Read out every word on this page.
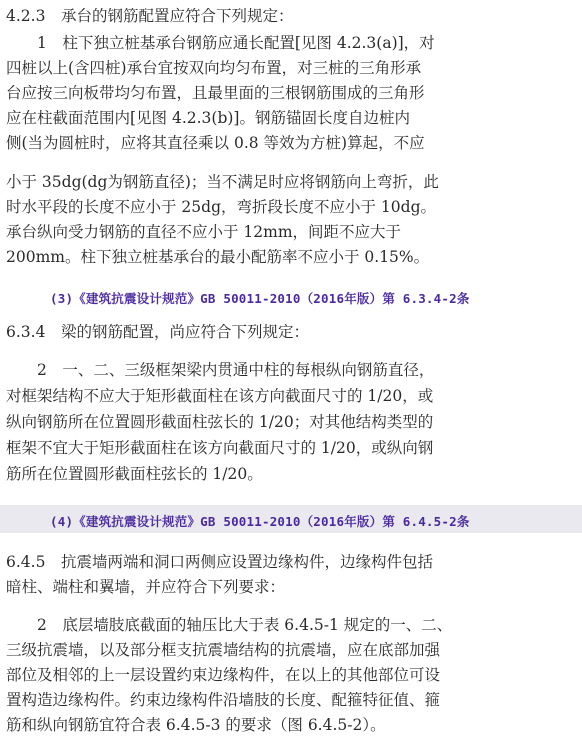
4.2.3　承台的钢筋配置应符合下列规定：
　　1　柱下独立桩基承台钢筋应通长配置[见图 4.2.3(a)]，对
四桩以上(含四桩)承台宜按双向均匀布置，对三桩的三角形承
台应按三向板带均匀布置，且最里面的三根钢筋围成的三角形
应在柱截面范围内[见图 4.2.3(b)]。钢筋锚固长度自边桩内
侧(当为圆桩时，应将其直径乘以 0.8 等效为方桩)算起，不应
小于 35dg(dg为钢筋直径)；当不满足时应将钢筋向上弯折，此
时水平段的长度不应小于 25dg，弯折段长度不应小于 10dg。
承台纵向受力钢筋的直径不应小于 12mm，间距不应大于
200mm。柱下独立桩基承台的最小配筋率不应小于 0.15%。
(3)《建筑抗震设计规范》GB 50011-2010（2016年版）第 6.3.4-2条
6.3.4　梁的钢筋配置，尚应符合下列规定：
　　2　一、二、三级框架梁内贯通中柱的每根纵向钢筋直径，
对框架结构不应大于矩形截面柱在该方向截面尺寸的 1/20，或
纵向钢筋所在位置圆形截面柱弦长的 1/20；对其他结构类型的
框架不宜大于矩形截面柱在该方向截面尺寸的 1/20，或纵向钢
筋所在位置圆形截面柱弦长的 1/20。
(4)《建筑抗震设计规范》GB 50011-2010（2016年版）第 6.4.5-2条
6.4.5　抗震墙两端和洞口两侧应设置边缘构件，边缘构件包括
暗柱、端柱和翼墙，并应符合下列要求：
　　2　底层墙肢底截面的轴压比大于表 6.4.5-1 规定的一、二、
三级抗震墙，以及部分框支抗震墙结构的抗震墙，应在底部加强
部位及相邻的上一层设置约束边缘构件，在以上的其他部位可设
置构造边缘构件。约束边缘构件沿墙肢的长度、配箍特征值、箍
筋和纵向钢筋宜符合表 6.4.5-3 的要求（图 6.4.5-2）。
